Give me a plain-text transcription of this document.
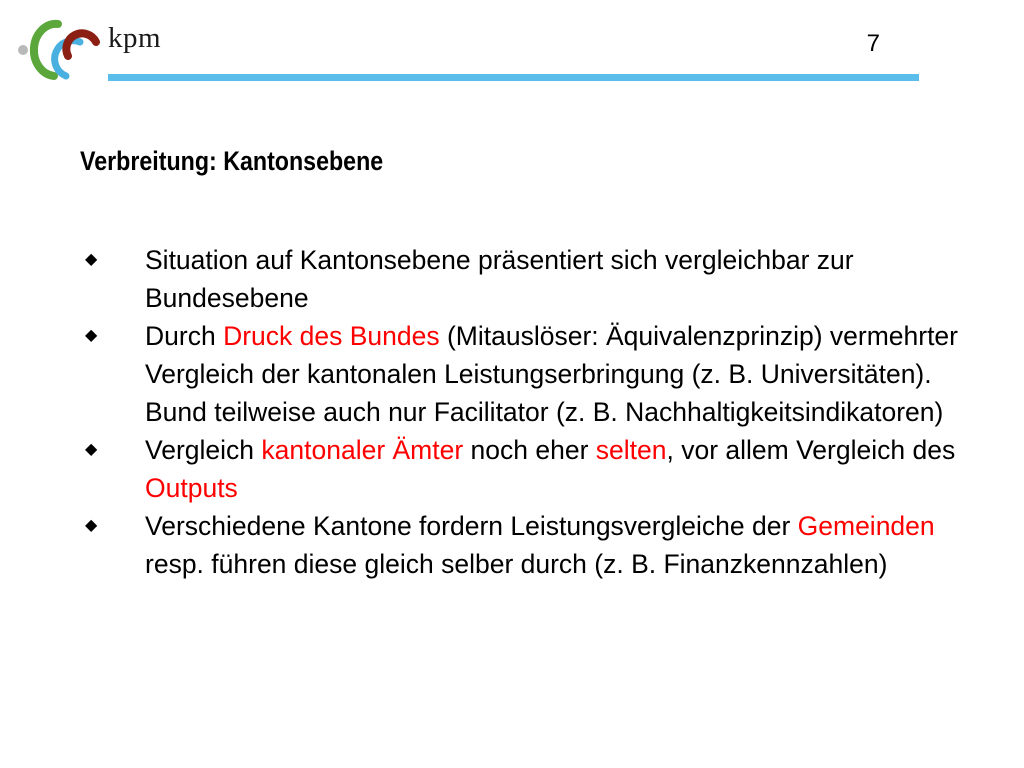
kpm	7
Verbreitung: Kantonsebene
◆ Situation auf Kantonsebene präsentiert sich vergleichbar zur Bundesebene
◆ Durch Druck des Bundes (Mitauslöser: Äquivalenzprinzip) vermehrter Vergleich der kantonalen Leistungserbringung (z. B. Universitäten). Bund teilweise auch nur Facilitator (z. B. Nachhaltigkeitsindikatoren)
◆ Vergleich kantonaler Ämter noch eher selten, vor allem Vergleich des Outputs
◆ Verschiedene Kantone fordern Leistungsvergleiche der Gemeinden resp. führen diese gleich selber durch (z. B. Finanzkennzahlen)
